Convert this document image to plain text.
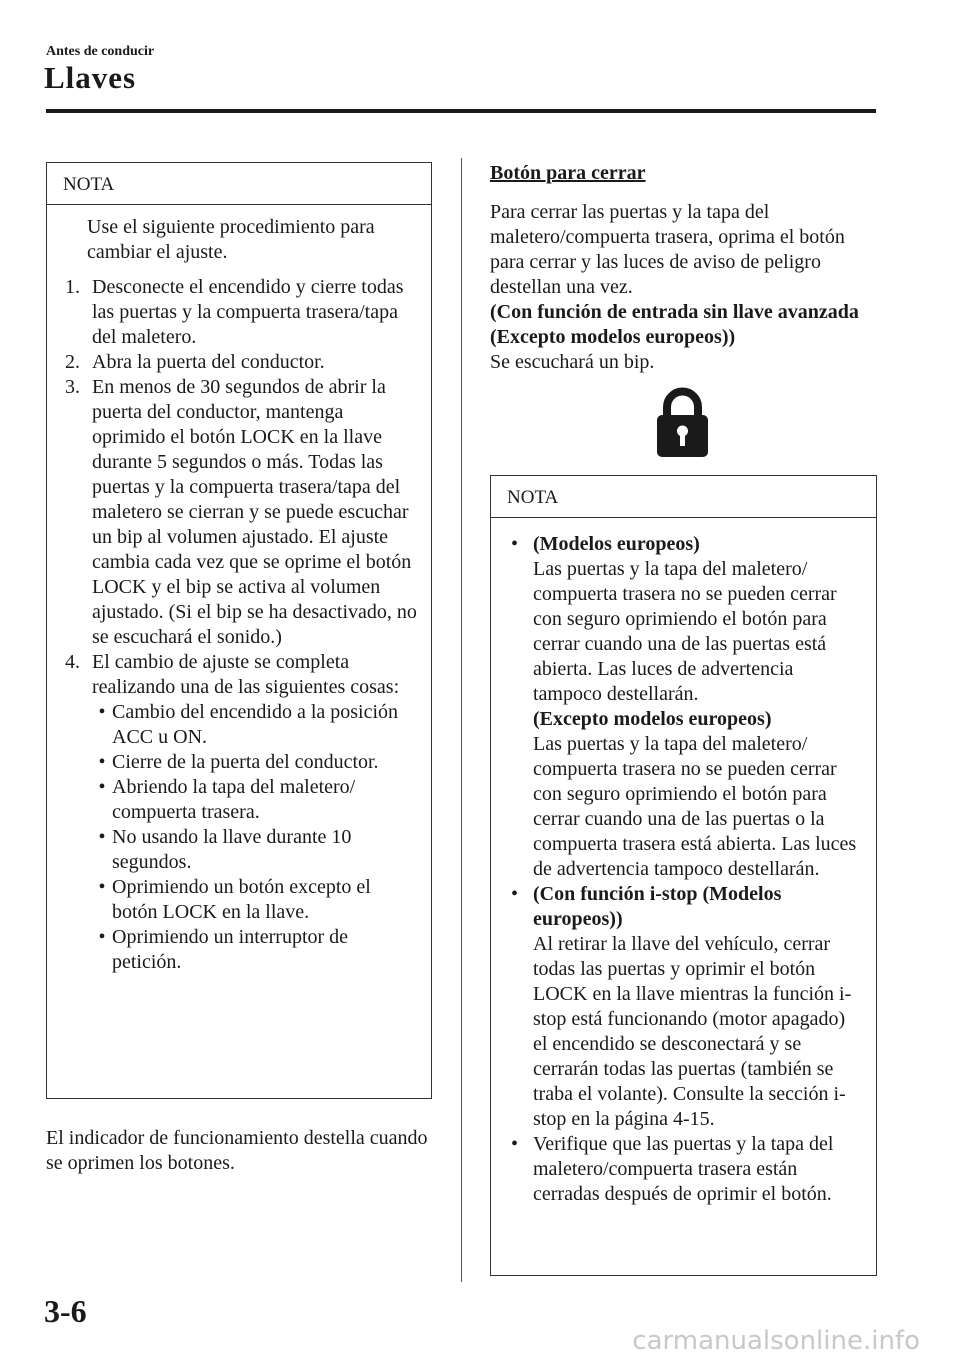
Antes de conducir
Llaves
NOTA

Use el siguiente procedimiento para cambiar el ajuste.

1. Desconecte el encendido y cierre todas las puertas y la compuerta trasera/tapa del maletero.
2. Abra la puerta del conductor.
3. En menos de 30 segundos de abrir la puerta del conductor, mantenga oprimido el botón LOCK en la llave durante 5 segundos o más. Todas las puertas y la compuerta trasera/tapa del maletero se cierran y se puede escuchar un bip al volumen ajustado. El ajuste cambia cada vez que se oprime el botón LOCK y el bip se activa al volumen ajustado. (Si el bip se ha desactivado, no se escuchará el sonido.)
4. El cambio de ajuste se completa realizando una de las siguientes cosas:
• Cambio del encendido a la posición ACC u ON.
• Cierre de la puerta del conductor.
• Abriendo la tapa del maletero/ compuerta trasera.
• No usando la llave durante 10 segundos.
• Oprimiendo un botón excepto el botón LOCK en la llave.
• Oprimiendo un interruptor de petición.
El indicador de funcionamiento destella cuando se oprimen los botones.
Botón para cerrar
Para cerrar las puertas y la tapa del maletero/compuerta trasera, oprima el botón para cerrar y las luces de aviso de peligro destellan una vez.
(Con función de entrada sin llave avanzada (Excepto modelos europeos))
Se escuchará un bip.
NOTA
• (Modelos europeos)
Las puertas y la tapa del maletero/ compuerta trasera no se pueden cerrar con seguro oprimiendo el botón para cerrar cuando una de las puertas está abierta. Las luces de advertencia tampoco destellarán.
(Excepto modelos europeos)
Las puertas y la tapa del maletero/ compuerta trasera no se pueden cerrar con seguro oprimiendo el botón para cerrar cuando una de las puertas o la compuerta trasera está abierta. Las luces de advertencia tampoco destellarán.
• (Con función i-stop (Modelos europeos))
Al retirar la llave del vehículo, cerrar todas las puertas y oprimir el botón LOCK en la llave mientras la función i-stop está funcionando (motor apagado) el encendido se desconectará y se cerrarán todas las puertas (también se traba el volante). Consulte la sección i-stop en la página 4-15.
• Verifique que las puertas y la tapa del maletero/compuerta trasera están cerradas después de oprimir el botón.
3-6
carmanualsonline.info
